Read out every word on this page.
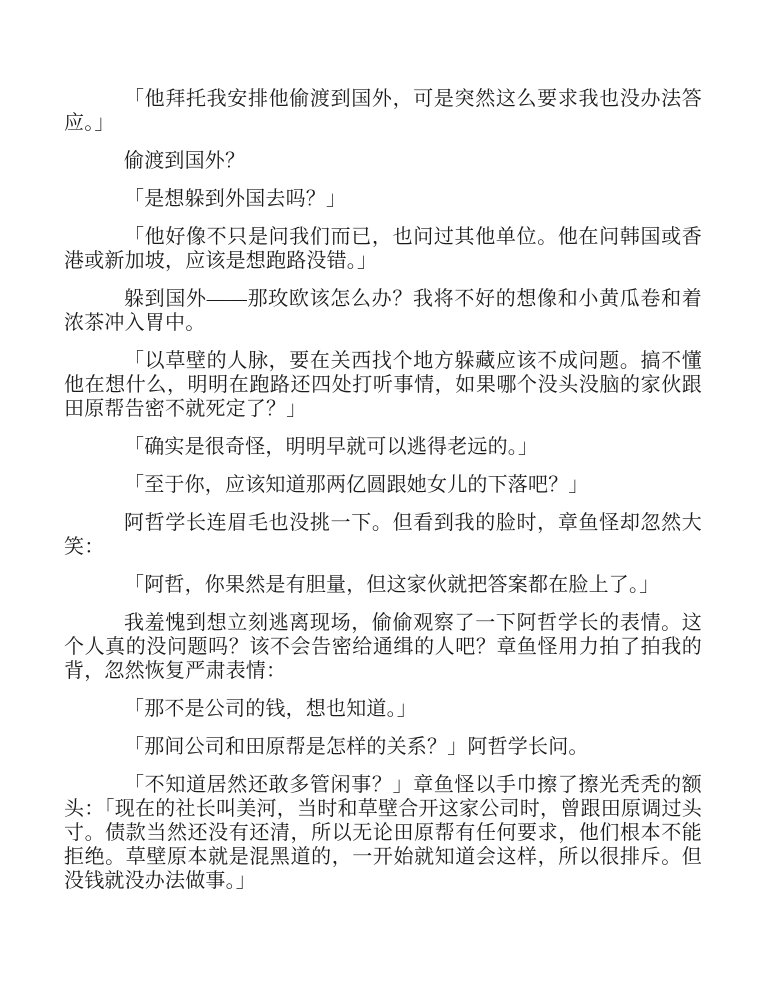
「他拜托我安排他偷渡到国外，可是突然这么要求我也没办法答应。」

偷渡到国外？

「是想躲到外国去吗？」

「他好像不只是问我们而已，也问过其他单位。他在问韩国或香港或新加坡，应该是想跑路没错。」

躲到国外——那玫欧该怎么办？我将不好的想像和小黄瓜卷和着浓茶冲入胃中。

「以草壁的人脉，要在关西找个地方躲藏应该不成问题。搞不懂他在想什么，明明在跑路还四处打听事情，如果哪个没头没脑的家伙跟田原帮告密不就死定了？」

「确实是很奇怪，明明早就可以逃得老远的。」

「至于你，应该知道那两亿圆跟她女儿的下落吧？」

阿哲学长连眉毛也没挑一下。但看到我的脸时，章鱼怪却忽然大笑：

「阿哲，你果然是有胆量，但这家伙就把答案都在脸上了。」

我羞愧到想立刻逃离现场，偷偷观察了一下阿哲学长的表情。这个人真的没问题吗？该不会告密给通缉的人吧？章鱼怪用力拍了拍我的背，忽然恢复严肃表情：

「那不是公司的钱，想也知道。」

「那间公司和田原帮是怎样的关系？」阿哲学长问。

「不知道居然还敢多管闲事？」章鱼怪以手巾擦了擦光秃秃的额头：「现在的社长叫美河，当时和草壁合开这家公司时，曾跟田原调过头寸。债款当然还没有还清，所以无论田原帮有任何要求，他们根本不能拒绝。草壁原本就是混黑道的，一开始就知道会这样，所以很排斥。但没钱就没办法做事。」
